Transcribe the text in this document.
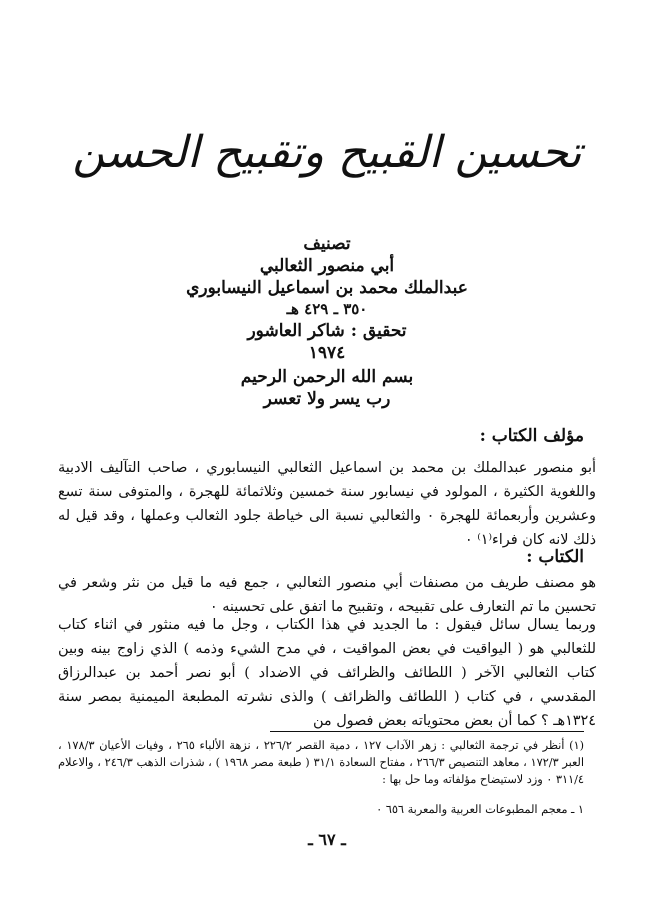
تحسين القبيح وتقبيح الحسن
تصنيف
أبي منصور الثعالبي
عبدالملك محمد بن اسماعيل النيسابوري
٣٥٠ ـ ٤٢٩ هـ
تحقيق : شاكر العاشور
١٩٧٤
بسم الله الرحمن الرحيم
رب يسر ولا تعسر
مؤلف الكتاب :
أبو منصور عبدالملك بن محمد بن اسماعيل الثعالبي النيسابوري ، صاحب التآليف الادبية واللغوية الكثيرة ، المولود في نيسابور سنة خمسين وثلاثمائة للهجرة ، والمتوفى سنة تسع وعشرين وأربعمائة للهجرة ٠ والثعالبي نسبة الى خياطة جلود الثعالب وعملها ، وقد قيل له ذلك لانه كان فراء⁽١⁾ ٠
الكتاب :
هو مصنف طريف من مصنفات أبي منصور الثعالبي ، جمع فيه ما قيل من نثر وشعر في تحسين ما تم التعارف على تقبيحه ، وتقبيح ما اتفق على تحسينه ٠
وربما يسال سائل فيقول : ما الجديد في هذا الكتاب ، وجل ما فيه منثور في اثناء كتاب للثعالبي هو ( اليواقيت في بعض المواقيت ، في مدح الشيء وذمه ) الذي زاوج بينه وبين كتاب الثعالبي الآخر ( اللطائف والظرائف في الاضداد ) أبو نصر أحمد بن عبدالرزاق المقدسي ، في كتاب ( اللطائف والظرائف ) والذى نشرته المطبعة الميمنية بمصر سنة ١٣٢٤هـ ؟ كما أن بعض محتوياته بعض فصول من
(١) أنظر في ترجمة الثعالبي : زهر الآداب ١٢٧ ، دمية القصر ٢٢٦/٢ ، نزهة الألباء ٢٦٥ ، وفيات الأعيان ١٧٨/٣ ، العبر ١٧٢/٣ ، معاهد التنصيص ٢٦٦/٣ ، مفتاح السعادة ٣١/١ ( طبعة مصر ١٩٦٨ ) ، شذرات الذهب ٢٤٦/٣ ، والاعلام ٣١١/٤ ٠ وزد لاستيضاح مؤلفاته وما حل بها :
١ ـ معجم المطبوعات العربية والمعربة ٦٥٦ ٠
ـ ٦٧ ـ
